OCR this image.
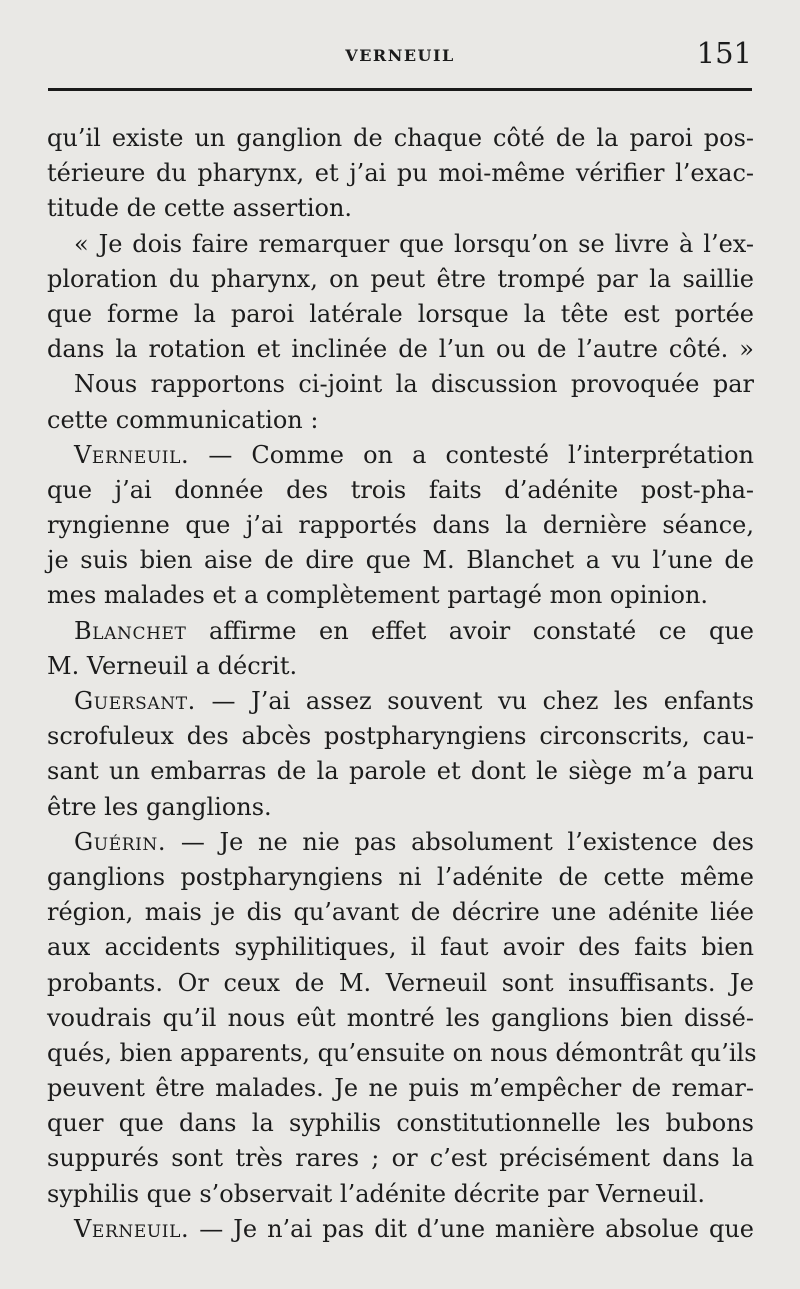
VERNEUIL	151
qu’il existe un ganglion de chaque côté de la paroi pos-
térieure du pharynx, et j’ai pu moi-même vérifier l’exac-
titude de cette assertion.
« Je dois faire remarquer que lorsqu’on se livre à l’ex-
ploration du pharynx, on peut être trompé par la saillie
que forme la paroi latérale lorsque la tête est portée
dans la rotation et inclinée de l’un ou de l’autre côté. »
Nous rapportons ci-joint la discussion provoquée par
cette communication :
Verneuil. — Comme on a contesté l’interprétation
que j’ai donnée des trois faits d’adénite post-pha-
ryngienne que j’ai rapportés dans la dernière séance,
je suis bien aise de dire que M. Blanchet a vu l’une de
mes malades et a complètement partagé mon opinion.
Blanchet affirme en effet avoir constaté ce que
M. Verneuil a décrit.
Guersant. — J’ai assez souvent vu chez les enfants
scrofuleux des abcès postpharyngiens circonscrits, cau-
sant un embarras de la parole et dont le siège m’a paru
être les ganglions.
Guérin. — Je ne nie pas absolument l’existence des
ganglions postpharyngiens ni l’adénite de cette même
région, mais je dis qu’avant de décrire une adénite liée
aux accidents syphilitiques, il faut avoir des faits bien
probants. Or ceux de M. Verneuil sont insuffisants. Je
voudrais qu’il nous eût montré les ganglions bien dissé-
qués, bien apparents, qu’ensuite on nous démontrât qu’ils
peuvent être malades. Je ne puis m’empêcher de remar-
quer que dans la syphilis constitutionnelle les bubons
suppurés sont très rares ; or c’est précisément dans la
syphilis que s’observait l’adénite décrite par Verneuil.
Verneuil. — Je n’ai pas dit d’une manière absolue que
